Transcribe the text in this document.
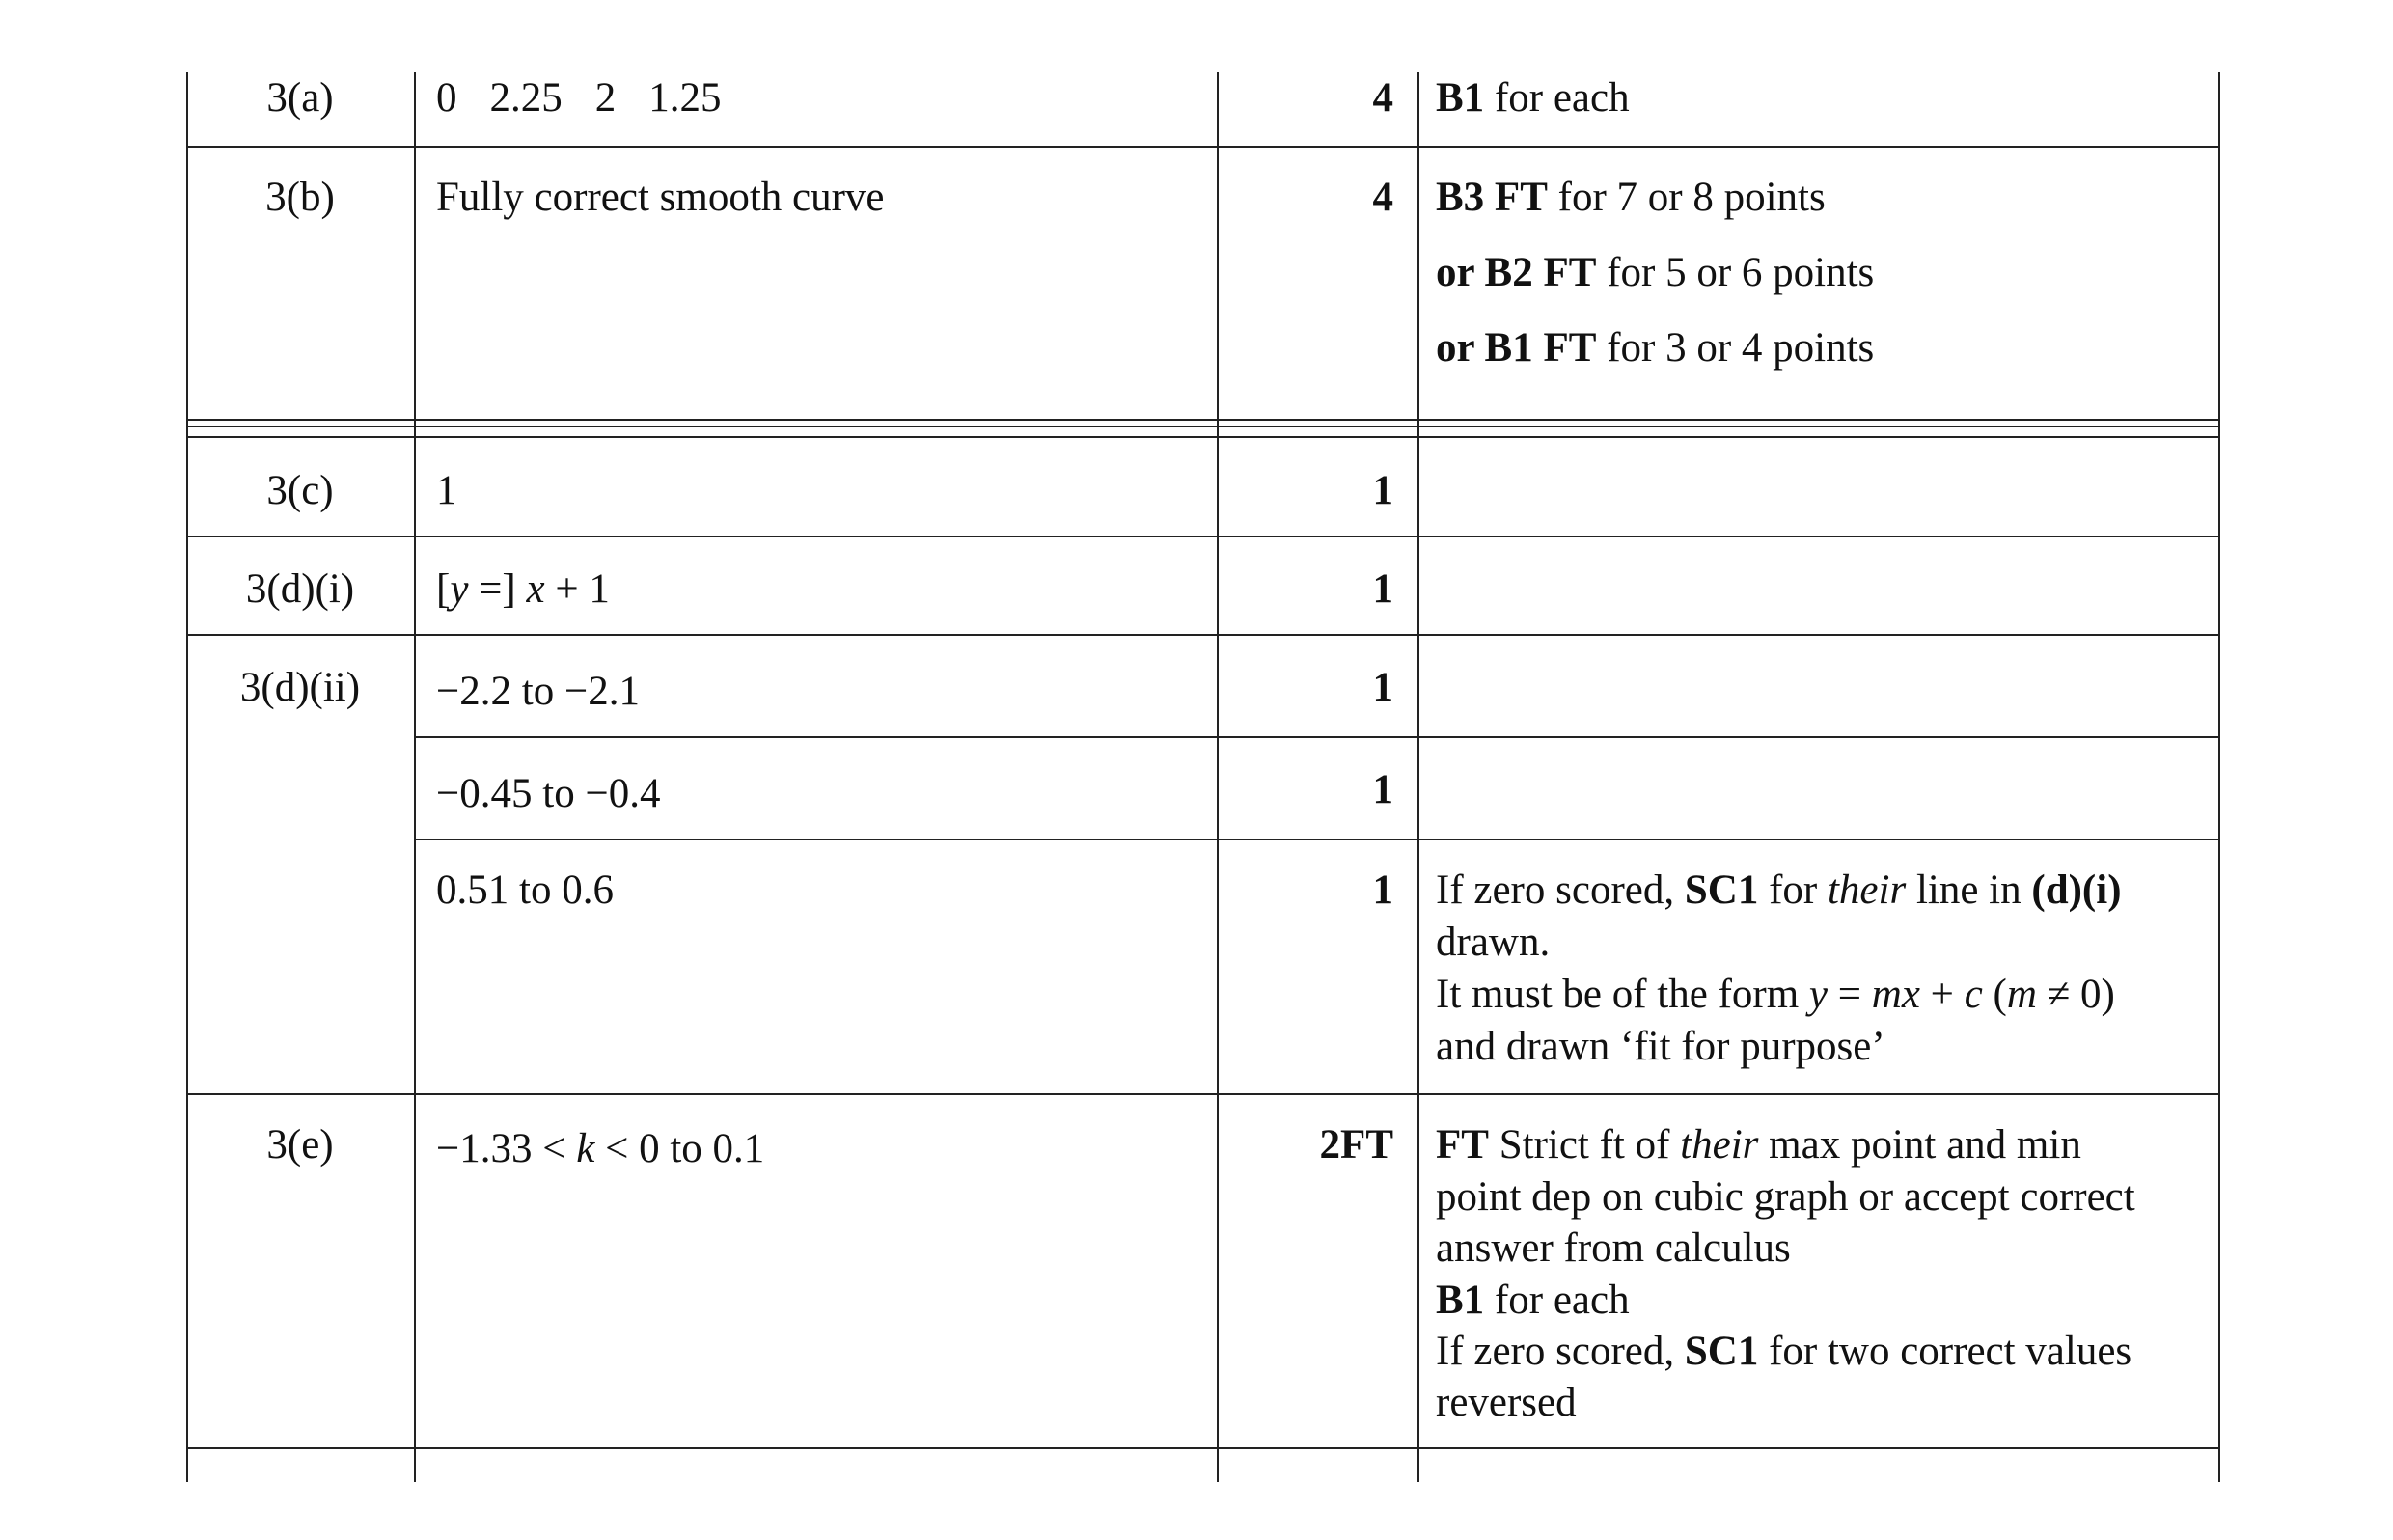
3(a)	0 2.25 2 1.25	4 B1 for each
3(b)	Fully correct smooth curve	4 B3 FT for 7 or 8 points
or B2 FT for 5 or 6 points
or B1 FT for 3 or 4 points
3(c)	1	1
3(d)(i)	[y =] x + 1	1
3(d)(ii)	−2.2 to −2.1	1
−0.45 to −0.4	1
0.51 to 0.6	1 If zero scored, SC1 for their line in (d)(i)
drawn.
It must be of the form y = mx + c (m ≠ 0)
and drawn ‘fit for purpose’
3(e)	−1.33 < k < 0 to 0.1	2FT FT Strict ft of their max point and min
point dep on cubic graph or accept correct
answer from calculus
B1 for each
If zero scored, SC1 for two correct values
reversed
